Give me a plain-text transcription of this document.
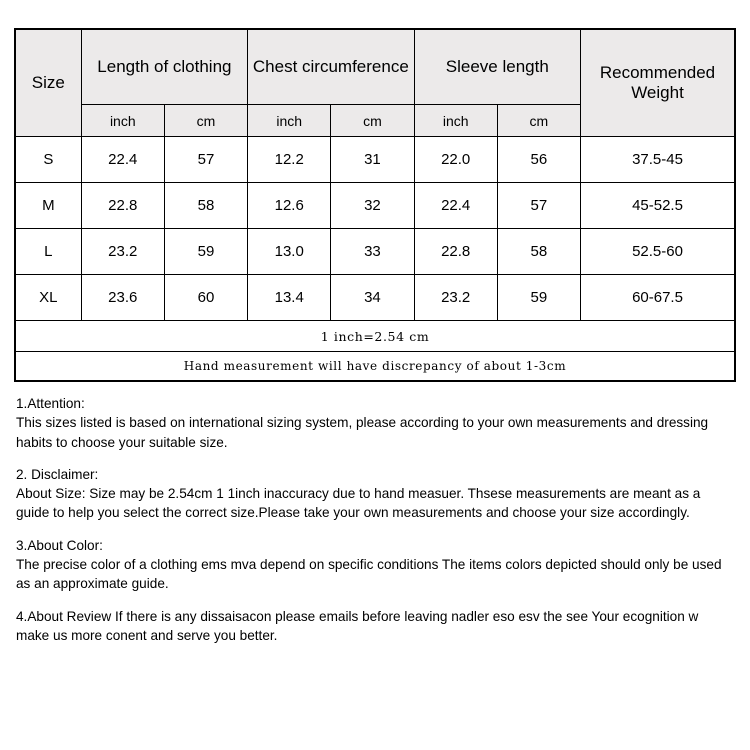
Size	Length of clothing		Chest circumference		Sleeve length		Recommended Weight
	inch	cm	inch	cm	inch	cm	
S	22.4	57	12.2	31	22.0	56	37.5-45
M	22.8	58	12.6	32	22.4	57	45-52.5
L	23.2	59	13.0	33	22.8	58	52.5-60
XL	23.6	60	13.4	34	23.2	59	60-67.5
1 inch=2.54 cm							
Hand measurement will have discrepancy of about 1-3cm							

1.Attention:
This sizes listed is based on international sizing system, please according to your own measurements and dressing habits to choose your suitable size.

2. Disclaimer:
About Size: Size may be 2.54cm 1 1inch inaccuracy due to hand measuer. Thsese measurements are meant as a guide to help you select the correct size.Please take your own measurements and choose your size accordingly.

3.About Color:
The precise color of a clothing ems mva depend on specific conditions The items colors depicted should only be used as an approximate guide.

4.About Review If there is any dissaisacon please emails before leaving nadler eso esv the see Your ecognition w make us more conent and serve you better.
